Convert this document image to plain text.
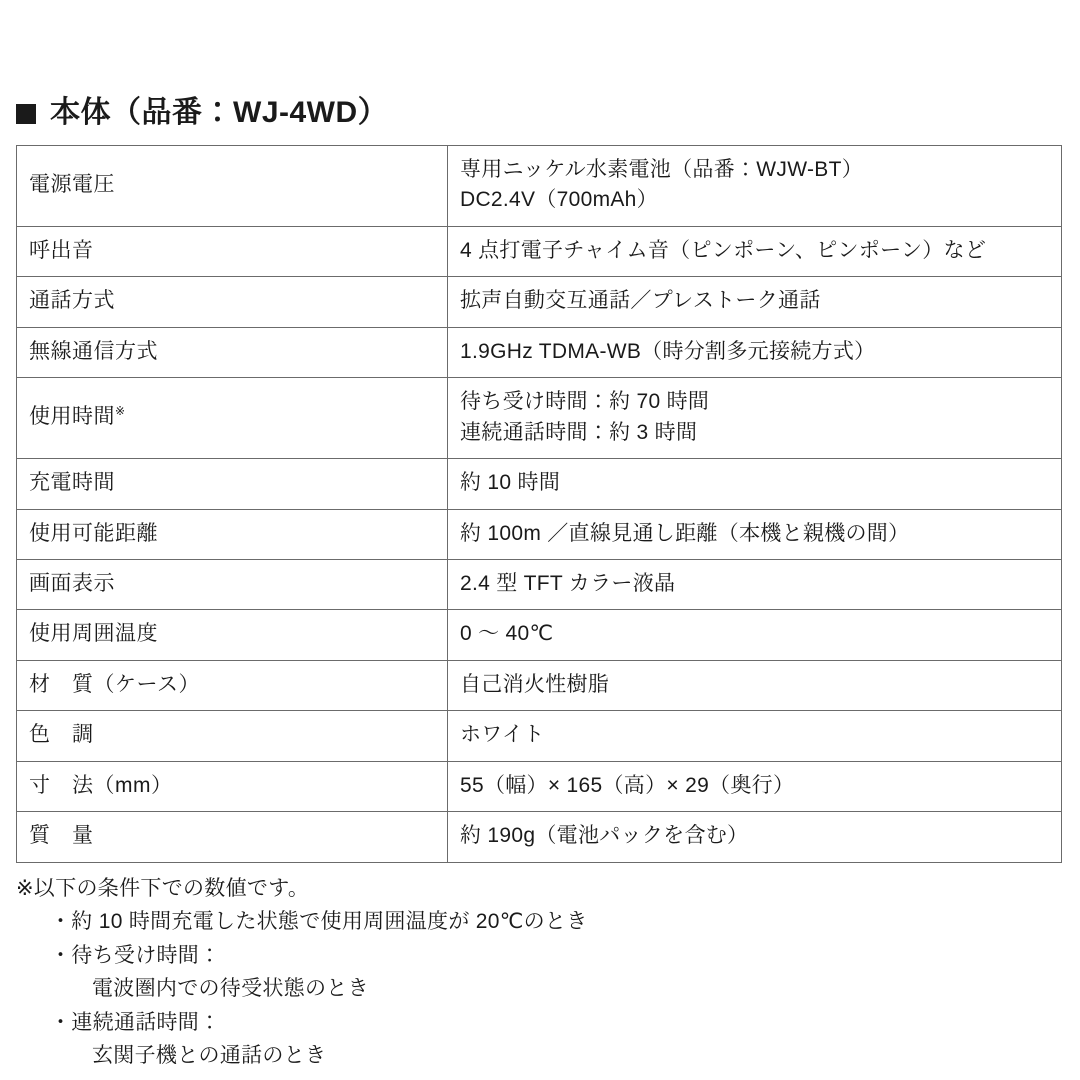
本体（品番：WJ-4WD）
電源電圧	専用ニッケル水素電池（品番：WJW-BT）
DC2.4V（700mAh）

呼出音	4 点打電子チャイム音（ピンポーン、ピンポーン）など

通話方式	拡声自動交互通話／プレストーク通話

無線通信方式	1.9GHz TDMA-WB（時分割多元接続方式）

使用時間※	待ち受け時間：約 70 時間
連続通話時間：約 3 時間

充電時間	約 10 時間

使用可能距離	約 100m ／直線見通し距離（本機と親機の間）

画面表示	2.4 型 TFT カラー液晶

使用周囲温度	0 ～ 40℃

材　質（ケース）	自己消火性樹脂

色　調	ホワイト

寸　法（mm）	55（幅）× 165（高）× 29（奥行）

質　量	約 190g（電池パックを含む）

※以下の条件下での数値です。

・約 10 時間充電した状態で使用周囲温度が 20℃のとき

・待ち受け時間：

電波圏内での待受状態のとき

・連続通話時間：

玄関子機との通話のとき
